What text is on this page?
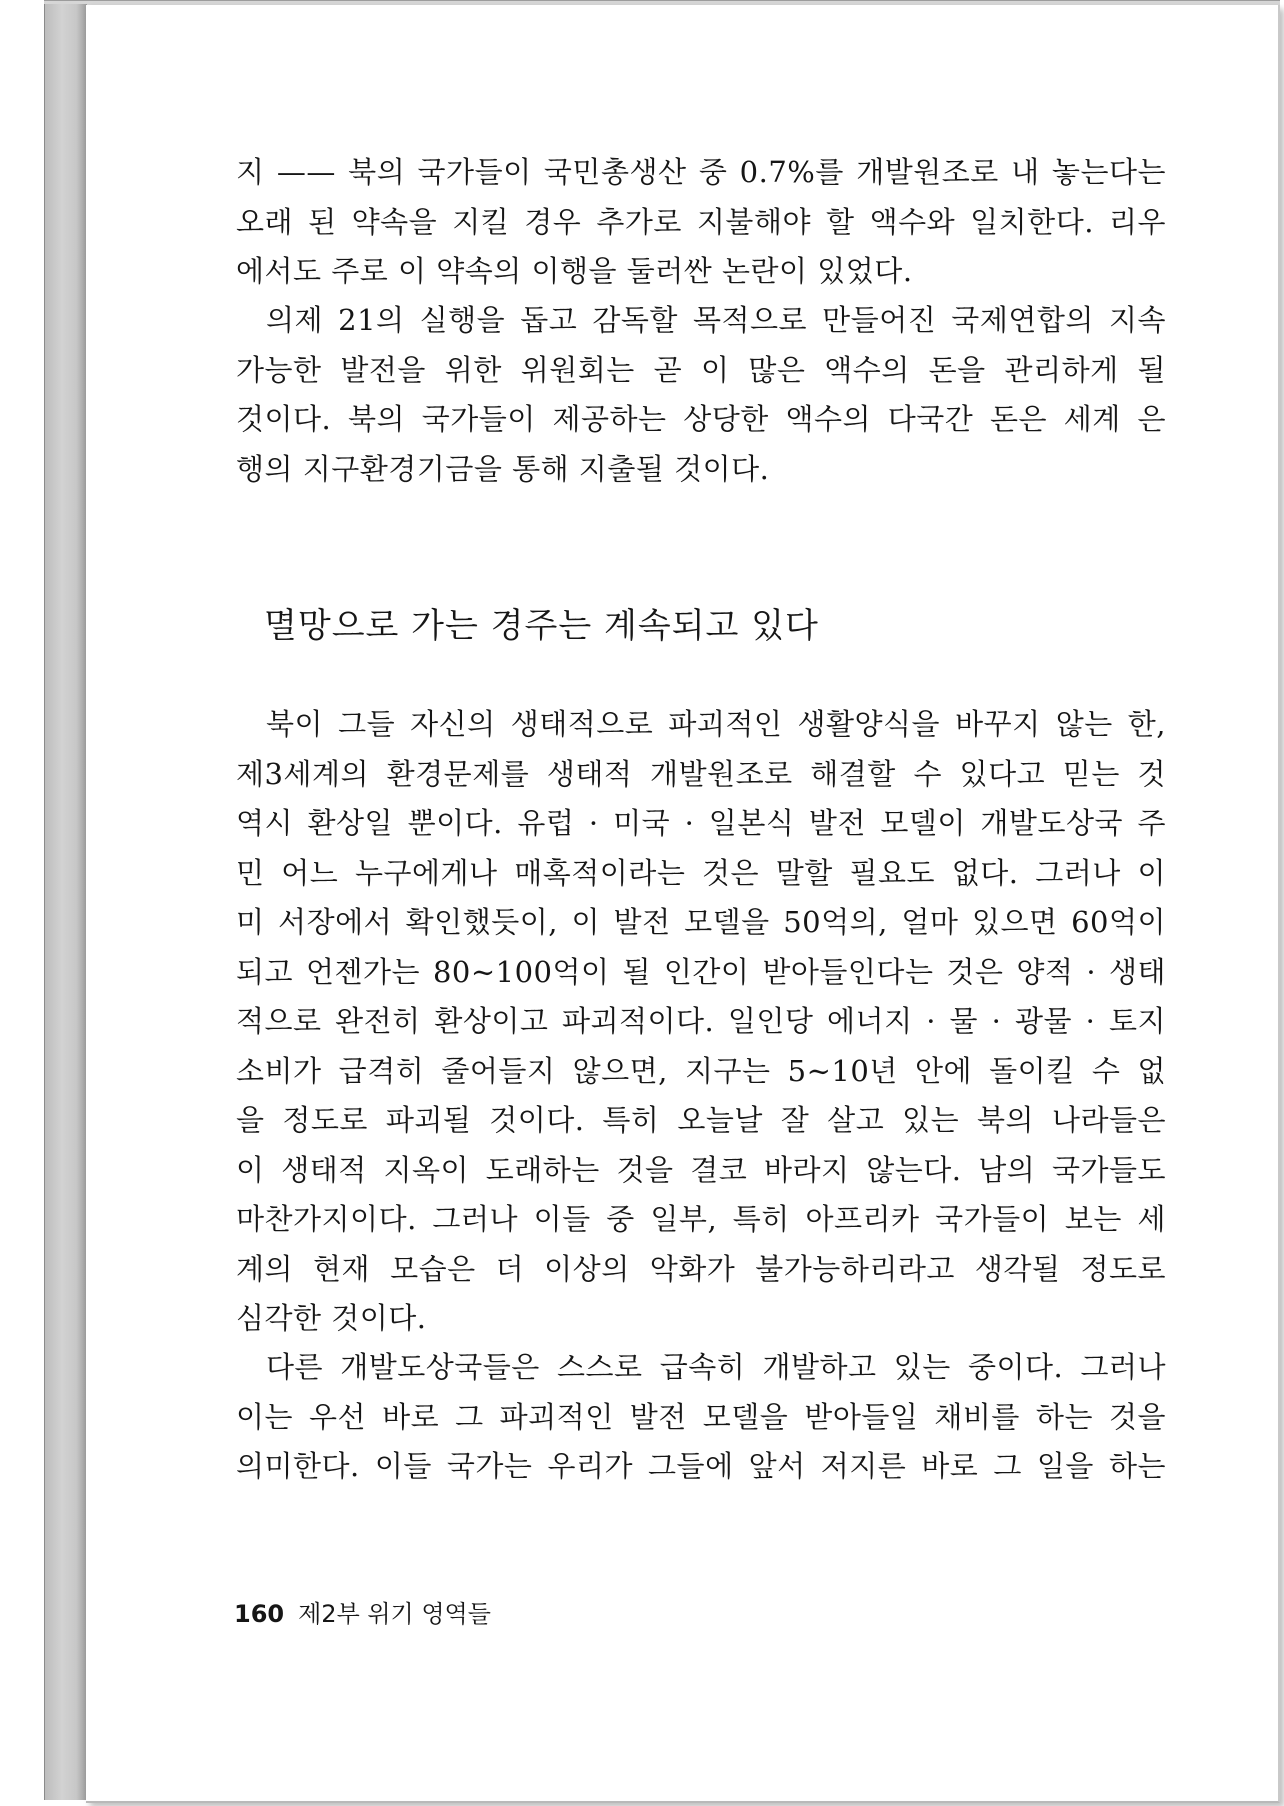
지 —— 북의 국가들이 국민총생산 중 0.7%를 개발원조로 내 놓는다는

오래 된 약속을 지킬 경우 추가로 지불해야 할 액수와 일치한다. 리우

에서도 주로 이 약속의 이행을 둘러싼 논란이 있었다.

의제 21의 실행을 돕고 감독할 목적으로 만들어진 국제연합의 지속

가능한 발전을 위한 위원회는 곧 이 많은 액수의 돈을 관리하게 될

것이다. 북의 국가들이 제공하는 상당한 액수의 다국간 돈은 세계 은

행의 지구환경기금을 통해 지출될 것이다.

멸망으로 가는 경주는 계속되고 있다

북이 그들 자신의 생태적으로 파괴적인 생활양식을 바꾸지 않는 한,

제3세계의 환경문제를 생태적 개발원조로 해결할 수 있다고 믿는 것

역시 환상일 뿐이다. 유럽 · 미국 · 일본식 발전 모델이 개발도상국 주

민 어느 누구에게나 매혹적이라는 것은 말할 필요도 없다. 그러나 이

미 서장에서 확인했듯이, 이 발전 모델을 50억의, 얼마 있으면 60억이

되고 언젠가는 80∼100억이 될 인간이 받아들인다는 것은 양적 · 생태

적으로 완전히 환상이고 파괴적이다. 일인당 에너지 · 물 · 광물 · 토지

소비가 급격히 줄어들지 않으면, 지구는 5∼10년 안에 돌이킬 수 없

을 정도로 파괴될 것이다. 특히 오늘날 잘 살고 있는 북의 나라들은

이 생태적 지옥이 도래하는 것을 결코 바라지 않는다. 남의 국가들도

마찬가지이다. 그러나 이들 중 일부, 특히 아프리카 국가들이 보는 세

계의 현재 모습은 더 이상의 악화가 불가능하리라고 생각될 정도로

심각한 것이다.

다른 개발도상국들은 스스로 급속히 개발하고 있는 중이다. 그러나

이는 우선 바로 그 파괴적인 발전 모델을 받아들일 채비를 하는 것을

의미한다. 이들 국가는 우리가 그들에 앞서 저지른 바로 그 일을 하는

160 제2부 위기 영역들
